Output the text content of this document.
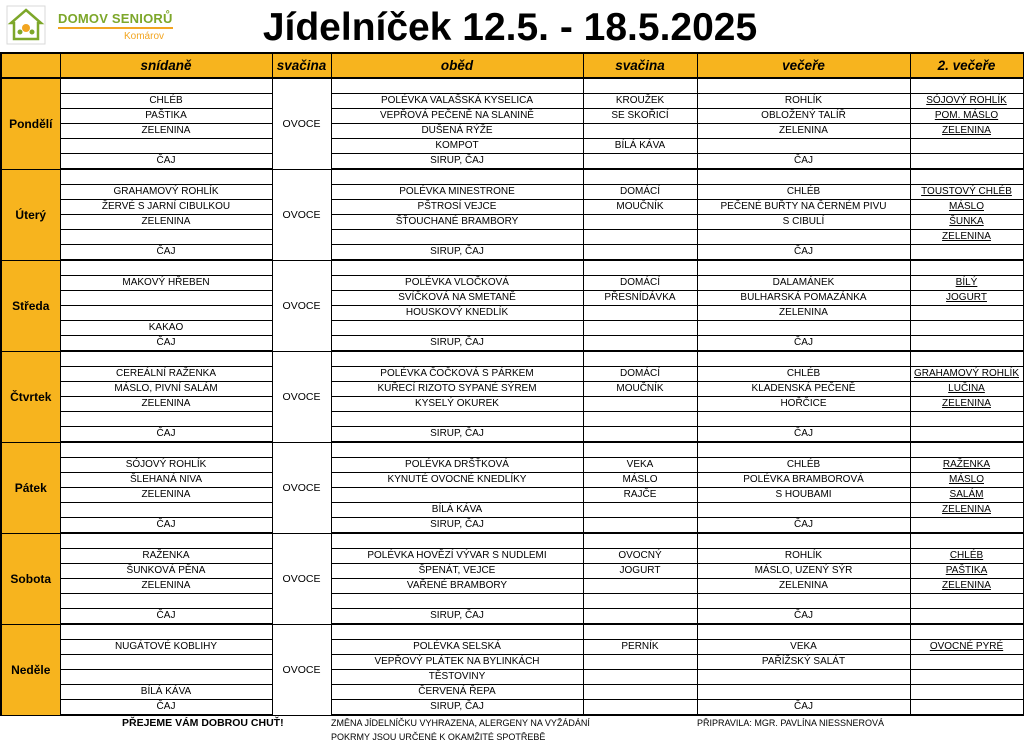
DOMOV SENIORŮ
Komárov	Jídelníček 12.5. - 18.5.2025
	snídaně	svačina	oběd	svačina	večeře	2. večeře
Pondělí		OVOCE				
	CHLÉB		POLÉVKA VALAŠSKÁ KYSELICA	KROUŽEK	ROHLÍK	SÓJOVÝ ROHLÍK
	PAŠTIKA		VEPŘOVÁ PEČENĚ NA SLANINĚ	SE SKOŘICÍ	OBLOŽENÝ TALÍŘ	POM. MÁSLO
	ZELENINA		DUŠENÁ RÝŽE		ZELENINA	ZELENINA
			KOMPOT	BÍLÁ KÁVA		
	ČAJ		SIRUP, ČAJ		ČAJ	
Úterý		OVOCE				
	GRAHAMOVÝ ROHLÍK		POLÉVKA MINESTRONE	DOMÁCÍ	CHLÉB	TOUSTOVÝ CHLÉB
	ŽERVÉ S JARNÍ CIBULKOU		PŠTROSÍ VEJCE	MOUČNÍK	PEČENÉ BUŘTY NA ČERNÉM PIVU	MÁSLO
	ZELENINA		ŠŤOUCHANÉ BRAMBORY		S CIBULÍ	ŠUNKA
						ZELENINA
	ČAJ		SIRUP, ČAJ		ČAJ	
Středa		OVOCE				
	MAKOVÝ HŘEBEN		POLÉVKA VLOČKOVÁ	DOMÁCÍ	DALAMÁNEK	BÍLÝ
			SVÍČKOVÁ NA SMETANĚ	PŘESNÍDÁVKA	BULHARSKÁ POMAZÁNKA	JOGURT
			HOUSKOVÝ KNEDLÍK		ZELENINA	
	KAKAO					
	ČAJ		SIRUP, ČAJ		ČAJ	
Čtvrtek		OVOCE				
	CEREÁLNÍ RAŽENKA		POLÉVKA ČOČKOVÁ S PÁRKEM	DOMÁCÍ	CHLÉB	GRAHAMOVÝ ROHLÍK
	MÁSLO, PIVNÍ SALÁM		KUŘECÍ RIZOTO SYPANÉ SÝREM	MOUČNÍK	KLADENSKÁ PEČENĚ	LUČINA
	ZELENINA		KYSELÝ OKUREK		HOŘČICE	ZELENINA

	ČAJ		SIRUP, ČAJ		ČAJ	
Pátek		OVOCE				
	SÓJOVÝ ROHLÍK		POLÉVKA DRŠŤKOVÁ	VEKA	CHLÉB	RAŽENKA
	ŠLEHANÁ NIVA		KYNUTÉ OVOCNÉ KNEDLÍKY	MÁSLO	POLÉVKA BRAMBOROVÁ	MÁSLO
	ZELENINA			RAJČE	S HOUBAMI	SALÁM
			BÍLÁ KÁVA			ZELENINA
	ČAJ		SIRUP, ČAJ		ČAJ	
Sobota		OVOCE				
	RAŽENKA		POLÉVKA HOVĚZÍ VÝVAR S NUDLEMI	OVOCNÝ	ROHLÍK	CHLÉB
	ŠUNKOVÁ PĚNA		ŠPENÁT, VEJCE	JOGURT	MÁSLO, UZENÝ SÝR	PAŠTIKA
	ZELENINA		VAŘENÉ BRAMBORY		ZELENINA	ZELENINA

	ČAJ		SIRUP, ČAJ		ČAJ	
Neděle		OVOCE				
	NUGÁTOVÉ KOBLIHY		POLÉVKA SELSKÁ	PERNÍK	VEKA	OVOCNÉ PYRÉ
			VEPŘOVÝ PLÁTEK NA BYLINKÁCH		PAŘÍŽSKÝ SALÁT	
			TĚSTOVINY			
	BÍLÁ KÁVA		ČERVENÁ ŘEPA			
	ČAJ		SIRUP, ČAJ		ČAJ	
	PŘEJEME VÁM DOBROU CHUŤ!		ZMĚNA JÍDELNÍČKU VYHRAZENA, ALERGENY NA VYŽÁDÁNÍ		PŘIPRAVILA: MGR. PAVLÍNA NIESSNEROVÁ	
			POKRMY JSOU URČENÉ K OKAMŽITÉ SPOTŘEBĚ			
